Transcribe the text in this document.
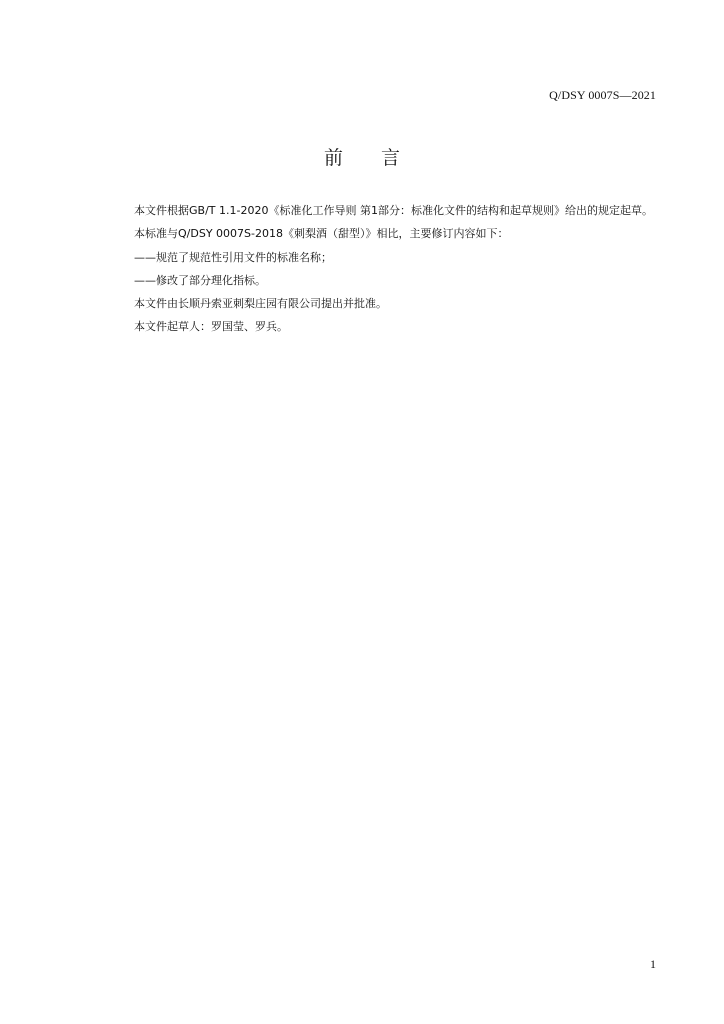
Q/DSY 0007S—2021
前 言

本文件根据GB/T 1.1-2020《标准化工作导则 第1部分：标准化文件的结构和起草规则》给出的规定起草。

本标准与Q/DSY 0007S-2018《刺梨酒（甜型）》相比，主要修订内容如下：

——规范了规范性引用文件的标准名称；

——修改了部分理化指标。

本文件由长顺丹索亚刺梨庄园有限公司提出并批准。

本文件起草人：罗国莹、罗兵。

1
